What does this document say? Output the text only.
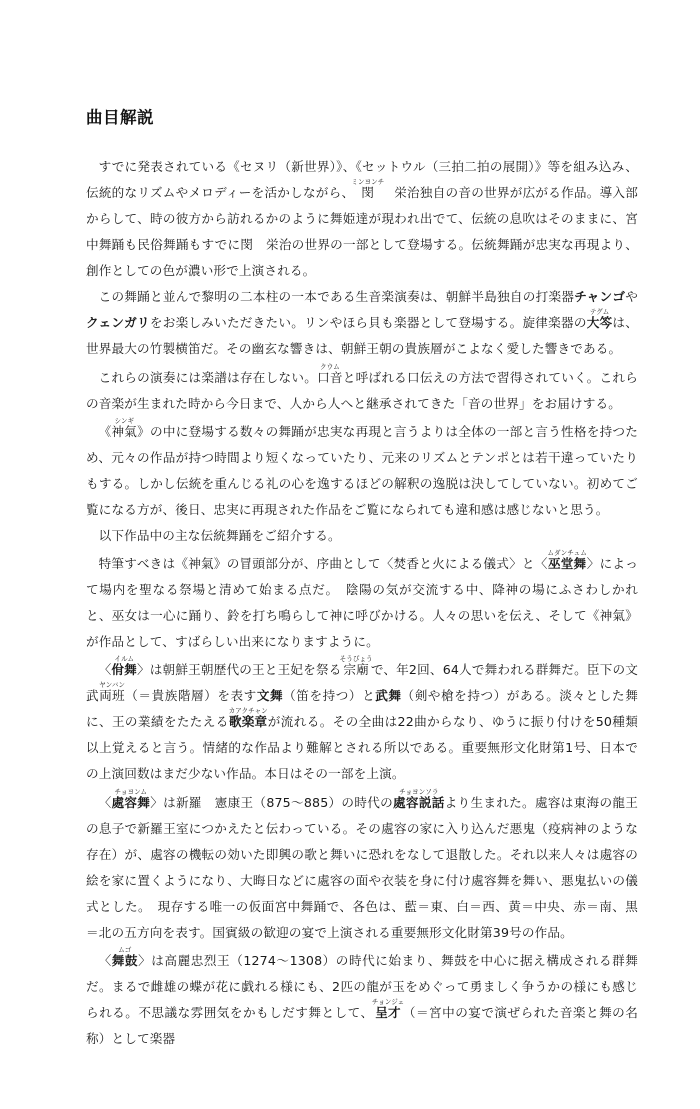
曲目解説

すでに発表されている《セヌリ（新世界）》、《セットウル（三拍二拍の展開）》等を組み込み、伝統的なリズムやメロディーを活かしながら、閔ミンヨンチ　栄治独自の音の世界が広がる作品。導入部からして、時の彼方から訪れるかのように舞姫達が現われ出でて、伝統の息吹はそのままに、宮中舞踊も民俗舞踊もすでに閔　栄治の世界の一部として登場する。伝統舞踊が忠実な再現より、創作としての色が濃い形で上演される。

この舞踊と並んで黎明の二本柱の一本である生音楽演奏は、朝鮮半島独自の打楽器チャンゴやクェンガリをお楽しみいただきたい。リンやほら貝も楽器として登場する。旋律楽器の大笒テグムは、世界最大の竹製横笛だ。その幽玄な響きは、朝鮮王朝の貴族層がこよなく愛した響きである。

これらの演奏には楽譜は存在しない。口音クウムと呼ばれる口伝えの方法で習得されていく。これらの音楽が生まれた時から今日まで、人から人へと継承されてきた「音の世界」をお届けする。

《神氣シンギ》の中に登場する数々の舞踊が忠実な再現と言うよりは全体の一部と言う性格を持つため、元々の作品が持つ時間より短くなっていたり、元来のリズムとテンポとは若干違っていたりもする。しかし伝統を重んじる礼の心を逸するほどの解釈の逸脱は決してしていない。初めてご覧になる方が、後日、忠実に再現された作品をご覧になられても違和感は感じないと思う。

以下作品中の主な伝統舞踊をご紹介する。

特筆すべきは《神氣》の冒頭部分が、序曲として〈焚香と火による儀式〉と〈巫堂舞ムダンチュム〉によって場内を聖なる祭場と清めて始まる点だ。　陰陽の気が交流する中、降神の場にふさわしかれと、巫女は一心に踊り、鈴を打ち鳴らして神に呼びかける。人々の思いを伝え、そして《神氣》が作品として、すばらしい出来になりますように。

〈佾舞イルム〉は朝鮮王朝歴代の王と王妃を祭る宗廟そうびょうで、年2回、64人で舞われる群舞だ。臣下の文武両班ヤンバン（＝貴族階層）を表す文舞（笛を持つ）と武舞（剣や槍を持つ）がある。淡々とした舞に、王の業績をたたえる歌楽章カアクチャンが流れる。その全曲は22曲からなり、ゆうに振り付けを50種類以上覚えると言う。情緒的な作品より難解とされる所以である。重要無形文化財第1号、日本での上演回数はまだ少ない作品。本日はその一部を上演。

〈處容舞チョヨンム〉は新羅　憲康王（875〜885）の時代の處容説話チョヨンソラより生まれた。處容は東海の龍王の息子で新羅王室につかえたと伝わっている。その處容の家に入り込んだ悪鬼（疫病神のような存在）が、處容の機転の効いた即興の歌と舞いに恐れをなして退散した。それ以来人々は處容の絵を家に置くようになり、大晦日などに處容の面や衣装を身に付け處容舞を舞い、悪鬼払いの儀式とした。　現存する唯一の仮面宮中舞踊で、各色は、藍＝東、白＝西、黄＝中央、赤＝南、黒＝北の五方向を表す。国賓級の歓迎の宴で上演される重要無形文化財第39号の作品。

〈舞鼓ムゴ〉は高麗忠烈王（1274〜1308）の時代に始まり、舞鼓を中心に据え構成される群舞だ。まるで雌雄の蝶が花に戯れる様にも、2匹の龍が玉をめぐって勇ましく争うかの様にも感じられる。不思議な雰囲気をかもしだす舞として、呈才チョンジェ（＝宮中の宴で演ぜられた音楽と舞の名称）として楽器
